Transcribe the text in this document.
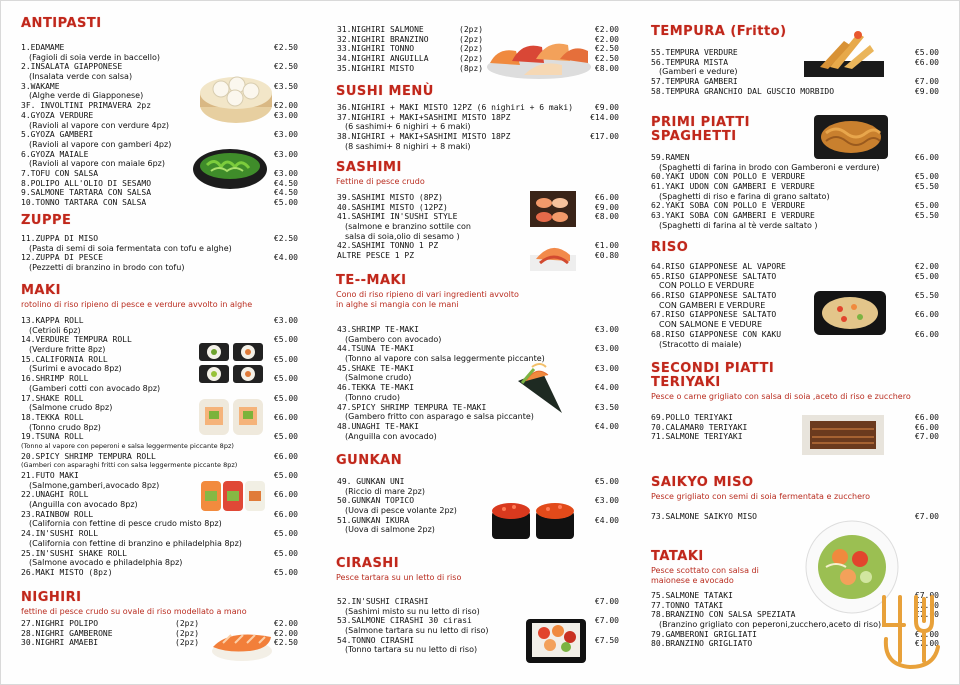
ANTIPASTI
1.EDAMAME	€2.50
(Fagioli di soia verde in baccello)
2.INSALATA GIAPPONESE	€2.50
(Insalata verde con salsa)
3.WAKAME	€3.50
(Alghe verde di Giapponese)
3F. INVOLTINI PRIMAVERA 2pz	€2.00
4.GYOZA VERDURE	€3.00
(Ravioli al vapore con verdure 4pz)
5.GYOZA GAMBERI	€3.00
(Ravioli al vapore con gamberi 4pz)
6.GYOZA MAIALE	€3.00
(Ravioli al vapore con maiale 6pz)
7.TOFU CON SALSA	€3.00
8.POLIPO ALL'OLIO DI SESAMO	€4.50
9.SALMONE TARTARA CON SALSA	€4.50
10.TONNO TARTARA CON SALSA	€5.00
ZUPPE
11.ZUPPA DI MISO	€2.50
(Pasta di semi di soia fermentata con tofu e alghe)
12.ZUPPA DI PESCE	€4.00
(Pezzetti di branzino in brodo con tofu)
MAKI
rotolino di riso ripieno di pesce e verdure avvolto in alghe
13.KAPPA ROLL	€3.00
(Cetrioli 6pz)
14.VERDURE TEMPURA ROLL	€5.00
(Verdure fritte 8pz)
15.CALIFORNIA ROLL	€5.00
(Surimi e avocado 8pz)
16.SHRIMP ROLL	€5.00
(Gamberi cotti con avocado 8pz)
17.SHAKE ROLL	€5.00
(Salmone crudo 8pz)
18.TEKKA ROLL	€6.00
(Tonno crudo 8pz)
19.TSUNA ROLL	€5.00
(Tonno al vapore con peperoni e salsa leggermente piccante 8pz)
20.SPICY SHRIMP TEMPURA ROLL	€6.00
(Gamberi con asparaghi fritti con salsa leggermente piccante 8pz)
21.FUTO MAKI	€5.00
(Salmone,gamberi,avocado 8pz)
22.UNAGHI ROLL	€6.00
(Anguilla con avocado 8pz)
23.RAINBOW ROLL	€6.00
(California con fettine di pesce crudo misto 8pz)
24.IN'SUSHI ROLL	€5.00
(California con fettine di branzino e philadelphia 8pz)
25.IN'SUSHI SHAKE ROLL	€5.00
(Salmone avocado e philadelphia 8pz)
26.MAKI MISTO (8pz)	€5.00
NIGHIRI
fettine di pesce crudo su ovale di riso modellato a mano
27.NIGHRI POLIPO	(2pz)	€2.00
28.NIGHRI GAMBERONE	(2pz)	€2.00
30.NIGHRI AMAEBI	(2pz)	€2.50
31.NIGHIRI SALMONE	(2pz)	€2.00
32.NIGHIRI BRANZINO	(2pz)	€2.00
33.NIGHIRI TONNO	(2pz)	€2.50
34.NIGHIRI ANGUILLA	(2pz)	€2.50
35.NIGHIRI MISTO	(8pz)	€8.00
SUSHI MENÙ
36.NIGHIRI + MAKI MISTO 12PZ (6 nighiri + 6 maki)	€9.00
37.NIGHIRI + MAKI+SASHIMI MISTO 18PZ	€14.00
(6 sashimi+ 6 nighiri + 6 maki)
38.NIGHIRI + MAKI+SASHIMI MISTO 18PZ	€17.00
(8 sashimi+ 8 nighiri + 8 maki)
SASHIMI
Fettine di pesce crudo
39.SASHIMI MISTO (8PZ)	€6.00
40.SASHIMI MISTO (12PZ)	€9.00
41.SASHIMI IN'SUSHI STYLE	€8.00
(salmone e branzino sottile con
salsa di soia,olio di sesamo )
42.SASHIMI TONNO 1 PZ	€1.00
ALTRE PESCE 1 PZ	€0.80
TE--MAKI
Cono di riso ripieno di vari ingredienti avvolto
in alghe si mangia con le mani
43.SHRIMP TE-MAKI	€3.00
(Gambero con avocado)
44.TSUNA TE-MAKI	€3.00
(Tonno al vapore con salsa leggermente piccante)
45.SHAKE TE-MAKI	€3.00
(Salmone crudo)
46.TEKKA TE-MAKI	€4.00
(Tonno crudo)
47.SPICY SHRIMP TEMPURA TE-MAKI	€3.50
(Gambero fritto con asparago e salsa piccante)
48.UNAGHI TE-MAKI	€4.00
(Anguilla con avocado)
GUNKAN
49. GUNKAN UNI	€5.00
(Riccio di mare 2pz)
50.GUNKAN TOPICO	€3.00
(Uova di pesce volante 2pz)
51.GUNKAN IKURA	€4.00
(Uova di salmone 2pz)
CIRASHI
Pesce tartara su un letto di riso
52.IN'SUSHI CIRASHI	€7.00
(Sashimi misto su nu letto di riso)
53.SALMONE CIRASHI 30 cirasi	€7.00
(Salmone tartara su nu letto di riso)
54.TONNO CIRASHI	€7.50
(Tonno tartara su nu letto di riso)
TEMPURA (Fritto)
55.TEMPURA VERDURE	€5.00
56.TEMPURA MISTA	€6.00
(Gamberi e vedure)
57.TEMPURA GAMBERI	€7.00
58.TEMPURA GRANCHIO DAL GUSCIO MORBIDO	€9.00
PRIMI PIATTI
SPAGHETTI
59.RAMEN	€6.00
(Spaghetti di farina in brodo con Gamberoni e verdure)
60.YAKI UDON CON POLLO E VERDURE	€5.00
61.YAKI UDON CON GAMBERI E VERDURE	€5.50
(Spaghetti di riso e farina di grano saltato)
62.YAKI SOBA CON POLLO E VERDURE	€5.00
63.YAKI SOBA CON GAMBERI E VERDURE	€5.50
(Spaghetti di farina al tè verde saltato )
RISO
64.RISO GIAPPONESE AL VAPORE	€2.00
65.RISO GIAPPONESE SALTATO	€5.00
CON POLLO E VERDURE
66.RISO GIAPPONESE SALTATO	€5.50
CON GAMBERI E VERDURE
67.RISO GIAPPONESE SALTATO	€6.00
CON SALMONE E VEDURE
68.RISO GIAPPONESE CON KAKU	€6.00
(Stracotto di maiale)
SECONDI PIATTI
TERIYAKI
Pesce o carne grigliato con salsa di soia ,aceto di riso e zucchero
69.POLLO TERIYAKI	€6.00
70.CALAMAR0 TERIYAKI	€6.00
71.SALMONE TERIYAKI	€7.00
SAIKYO MISO
Pesce grigliato con semi di soia fermentata e zucchero
73.SALMONE SAIKYO MISO	€7.00
TATAKI
Pesce scottato con salsa di
maionese e avocado
75.SALMONE TATAKI	€7.00
77.TONNO TATAKI	€7.00
78.BRANZINO CON SALSA SPEZIATA	€7.00
(Branzino grigliato con peperoni,zucchero,aceto di riso)
79.GAMBERONI GRIGLIATI	€7.00
80.BRANZINO GRIGLIATO	€7.00
